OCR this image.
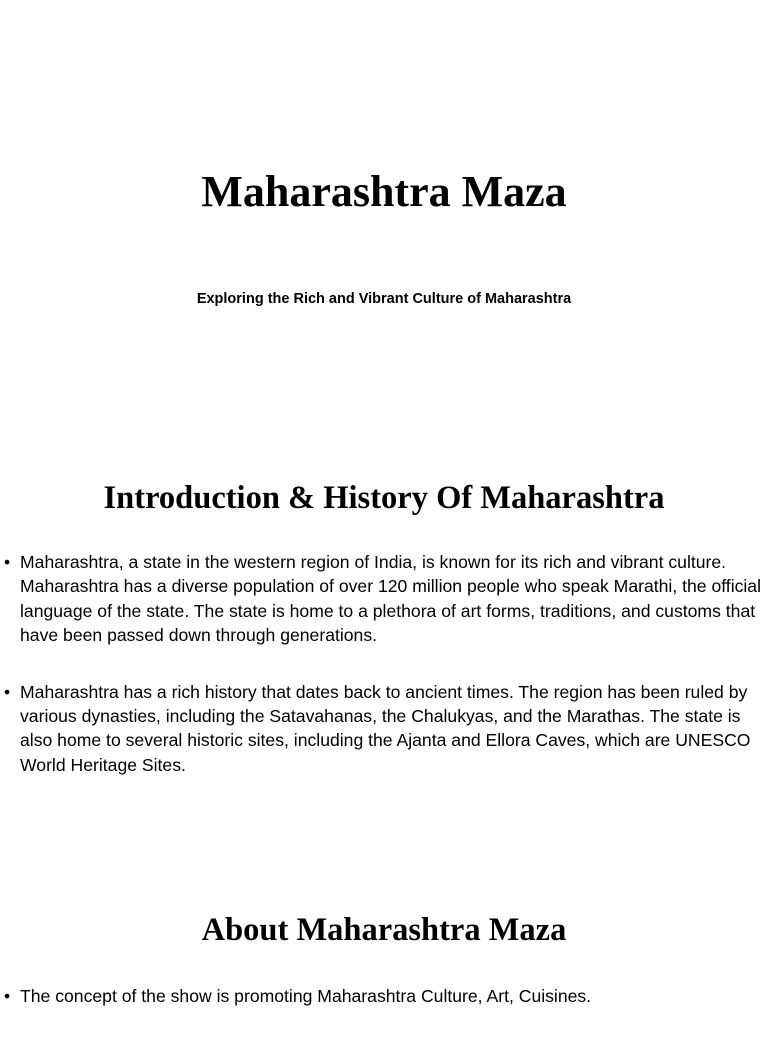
Maharashtra Maza

Exploring the Rich and Vibrant Culture of Maharashtra

Introduction & History Of Maharashtra
• Maharashtra, a state in the western region of India, is known for its rich and vibrant culture. Maharashtra has a diverse population of over 120 million people who speak Marathi, the official language of the state. The state is home to a plethora of art forms, traditions, and customs that have been passed down through generations.
• Maharashtra has a rich history that dates back to ancient times. The region has been ruled by various dynasties, including the Satavahanas, the Chalukyas, and the Marathas. The state is also home to several historic sites, including the Ajanta and Ellora Caves, which are UNESCO World Heritage Sites.
About Maharashtra Maza
• The concept of the show is promoting Maharashtra Culture, Art, Cuisines.
